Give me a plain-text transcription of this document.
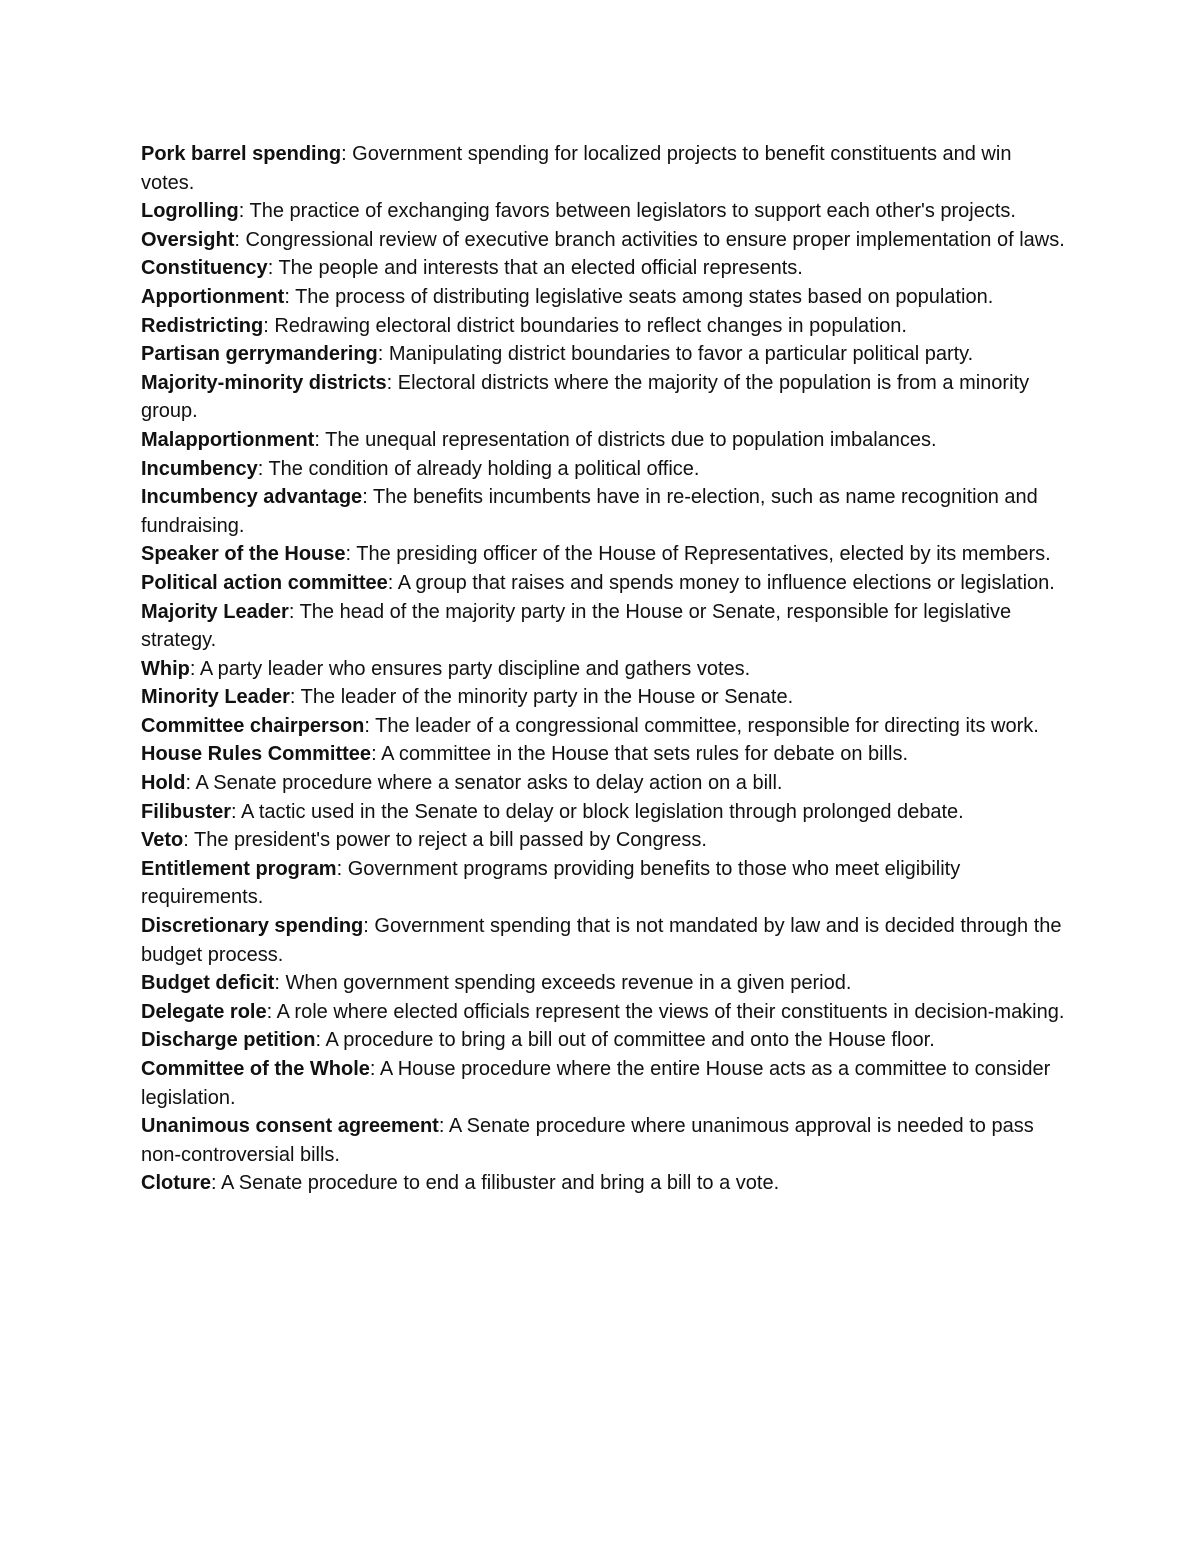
Pork barrel spending: Government spending for localized projects to benefit constituents and win votes.

Logrolling: The practice of exchanging favors between legislators to support each other's projects.

Oversight: Congressional review of executive branch activities to ensure proper implementation of laws.

Constituency: The people and interests that an elected official represents.

Apportionment: The process of distributing legislative seats among states based on population.

Redistricting: Redrawing electoral district boundaries to reflect changes in population.

Partisan gerrymandering: Manipulating district boundaries to favor a particular political party.

Majority-minority districts: Electoral districts where the majority of the population is from a minority group.

Malapportionment: The unequal representation of districts due to population imbalances.

Incumbency: The condition of already holding a political office.

Incumbency advantage: The benefits incumbents have in re-election, such as name recognition and fundraising.

Speaker of the House: The presiding officer of the House of Representatives, elected by its members.

Political action committee: A group that raises and spends money to influence elections or legislation.

Majority Leader: The head of the majority party in the House or Senate, responsible for legislative strategy.

Whip: A party leader who ensures party discipline and gathers votes.

Minority Leader: The leader of the minority party in the House or Senate.

Committee chairperson: The leader of a congressional committee, responsible for directing its work.

House Rules Committee: A committee in the House that sets rules for debate on bills.

Hold: A Senate procedure where a senator asks to delay action on a bill.

Filibuster: A tactic used in the Senate to delay or block legislation through prolonged debate.

Veto: The president's power to reject a bill passed by Congress.

Entitlement program: Government programs providing benefits to those who meet eligibility requirements.

Discretionary spending: Government spending that is not mandated by law and is decided through the budget process.

Budget deficit: When government spending exceeds revenue in a given period.

Delegate role: A role where elected officials represent the views of their constituents in decision-making.

Discharge petition: A procedure to bring a bill out of committee and onto the House floor.

Committee of the Whole: A House procedure where the entire House acts as a committee to consider legislation.

Unanimous consent agreement: A Senate procedure where unanimous approval is needed to pass non-controversial bills.

Cloture: A Senate procedure to end a filibuster and bring a bill to a vote.
